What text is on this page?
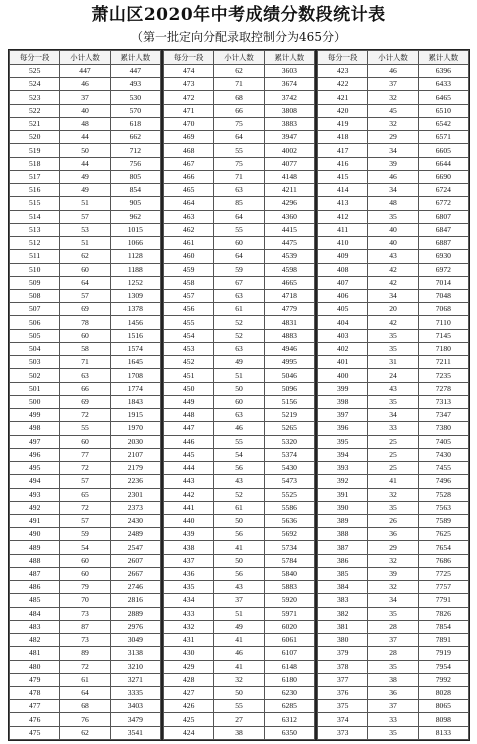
萧山区2020年中考成绩分数段统计表
（第一批定向分配录取控制分为465分）
每分一段	小计人数	累计人数
525	447	447
524	46	493
523	37	530
522	40	570
521	48	618
520	44	662
519	50	712
518	44	756
517	49	805
516	49	854
515	51	905
514	57	962
513	53	1015
512	51	1066
511	62	1128
510	60	1188
509	64	1252
508	57	1309
507	69	1378
506	78	1456
505	60	1516
504	58	1574
503	71	1645
502	63	1708
501	66	1774
500	69	1843
499	72	1915
498	55	1970
497	60	2030
496	77	2107
495	72	2179
494	57	2236
493	65	2301
492	72	2373
491	57	2430
490	59	2489
489	54	2547
488	60	2607
487	60	2667
486	79	2746
485	70	2816
484	73	2889
483	87	2976
482	73	3049
481	89	3138
480	72	3210
479	61	3271
478	64	3335
477	68	3403
476	76	3479
475	62	3541
每分一段	小计人数	累计人数
474	62	3603
473	71	3674
472	68	3742
471	66	3808
470	75	3883
469	64	3947
468	55	4002
467	75	4077
466	71	4148
465	63	4211
464	85	4296
463	64	4360
462	55	4415
461	60	4475
460	64	4539
459	59	4598
458	67	4665
457	63	4718
456	61	4779
455	52	4831
454	52	4883
453	63	4946
452	49	4995
451	51	5046
450	50	5096
449	60	5156
448	63	5219
447	46	5265
446	55	5320
445	54	5374
444	56	5430
443	43	5473
442	52	5525
441	61	5586
440	50	5636
439	56	5692
438	41	5734
437	50	5784
436	56	5840
435	43	5883
434	37	5920
433	51	5971
432	49	6020
431	41	6061
430	46	6107
429	41	6148
428	32	6180
427	50	6230
426	55	6285
425	27	6312
424	38	6350
每分一段	小计人数	累计人数
423	46	6396
422	37	6433
421	32	6465
420	45	6510
419	32	6542
418	29	6571
417	34	6605
416	39	6644
415	46	6690
414	34	6724
413	48	6772
412	35	6807
411	40	6847
410	40	6887
409	43	6930
408	42	6972
407	42	7014
406	34	7048
405	20	7068
404	42	7110
403	35	7145
402	35	7180
401	31	7211
400	24	7235
399	43	7278
398	35	7313
397	34	7347
396	33	7380
395	25	7405
394	25	7430
393	25	7455
392	41	7496
391	32	7528
390	35	7563
389	26	7589
388	36	7625
387	29	7654
386	32	7686
385	39	7725
384	32	7757
383	34	7791
382	35	7826
381	28	7854
380	37	7891
379	28	7919
378	35	7954
377	38	7992
376	36	8028
375	37	8065
374	33	8098
373	35	8133
